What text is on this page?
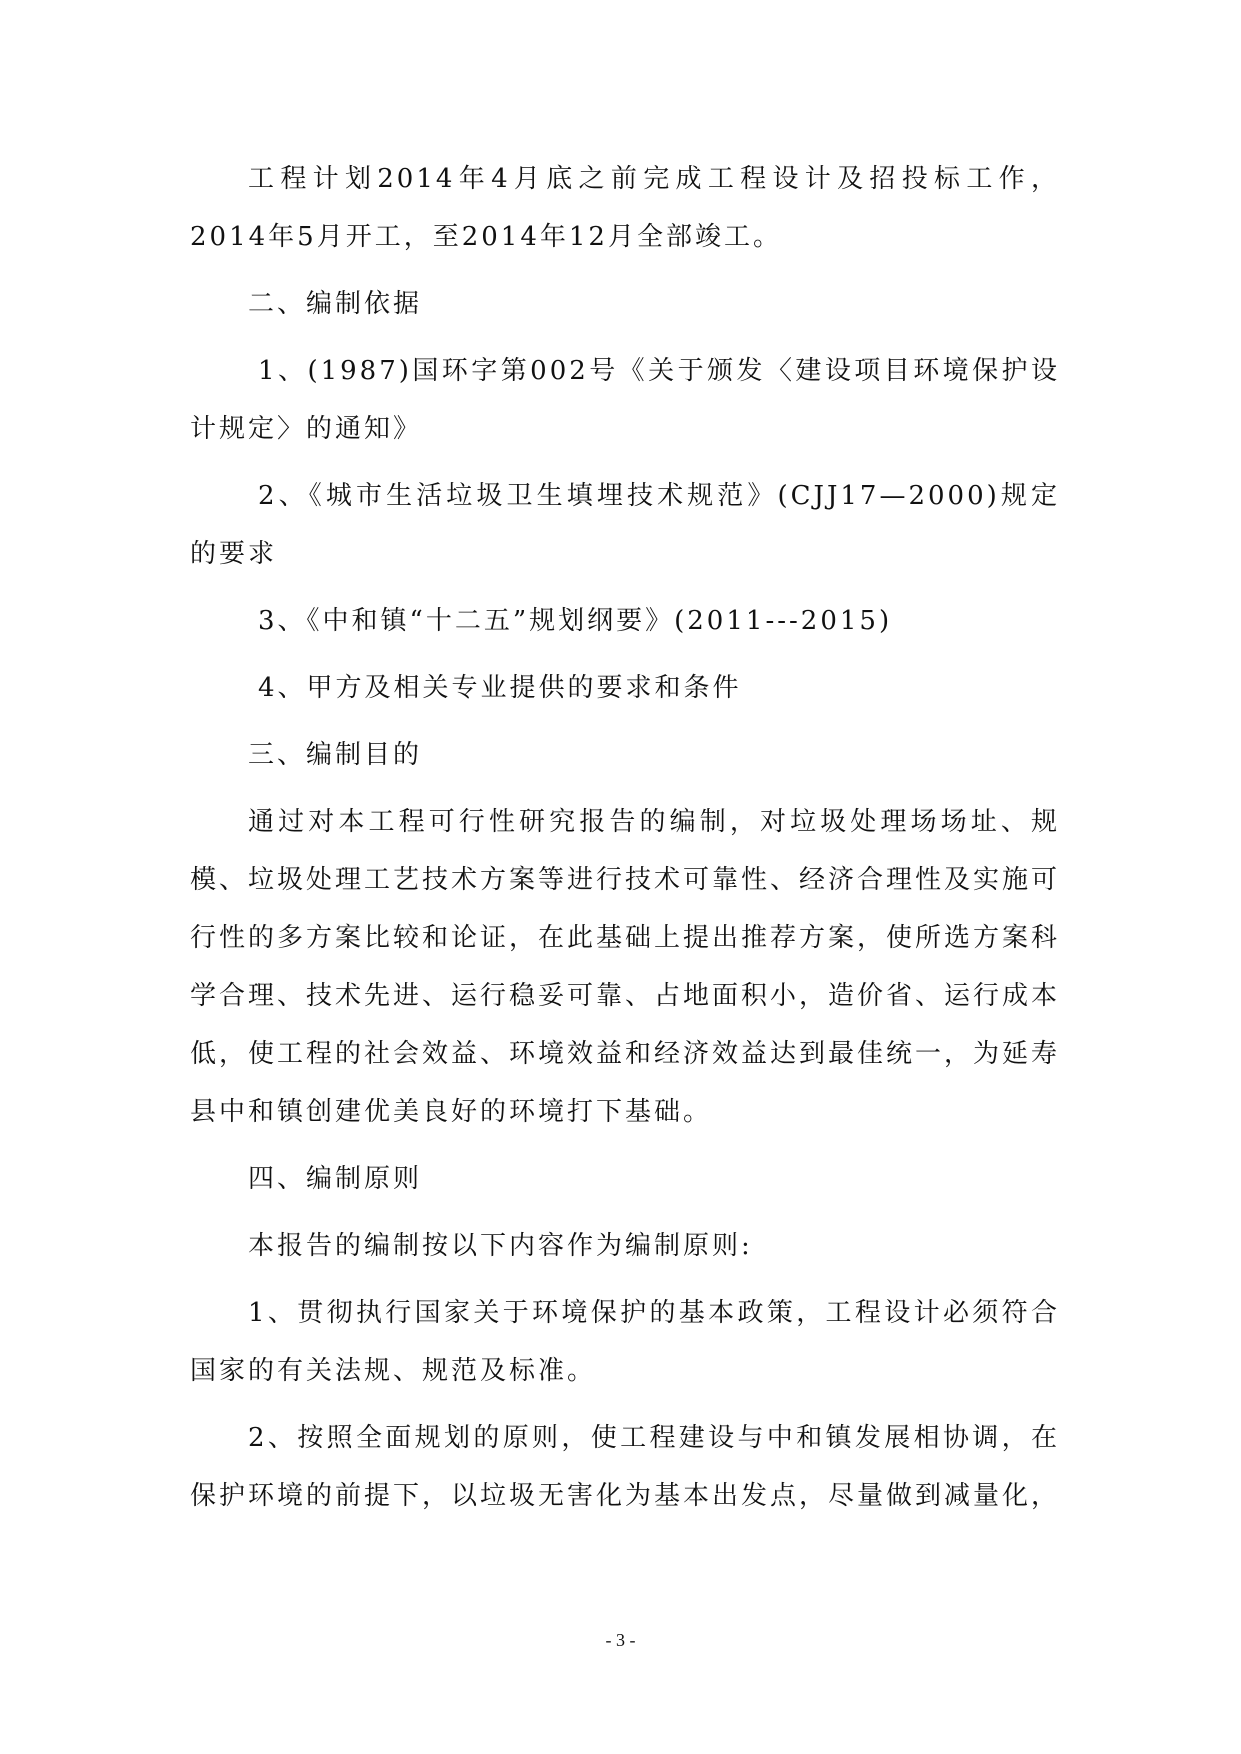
工程计划2014年4月底之前完成工程设计及招投标工作，2014年5月开工，至2014年12月全部竣工。

二、编制依据

1、(1987)国环字第002号《关于颁发〈建设项目环境保护设计规定〉的通知》

2、《城市生活垃圾卫生填埋技术规范》(CJJ17—2000)规定的要求

3、《中和镇“十二五”规划纲要》(2011---2015)

4、甲方及相关专业提供的要求和条件

三、编制目的

通过对本工程可行性研究报告的编制，对垃圾处理场场址、规模、垃圾处理工艺技术方案等进行技术可靠性、经济合理性及实施可行性的多方案比较和论证，在此基础上提出推荐方案，使所选方案科学合理、技术先进、运行稳妥可靠、占地面积小，造价省、运行成本低，使工程的社会效益、环境效益和经济效益达到最佳统一，为延寿县中和镇创建优美良好的环境打下基础。

四、编制原则

本报告的编制按以下内容作为编制原则:

1、贯彻执行国家关于环境保护的基本政策，工程设计必须符合国家的有关法规、规范及标准。

2、按照全面规划的原则，使工程建设与中和镇发展相协调，在保护环境的前提下，以垃圾无害化为基本出发点，尽量做到减量化，

- 3 -
